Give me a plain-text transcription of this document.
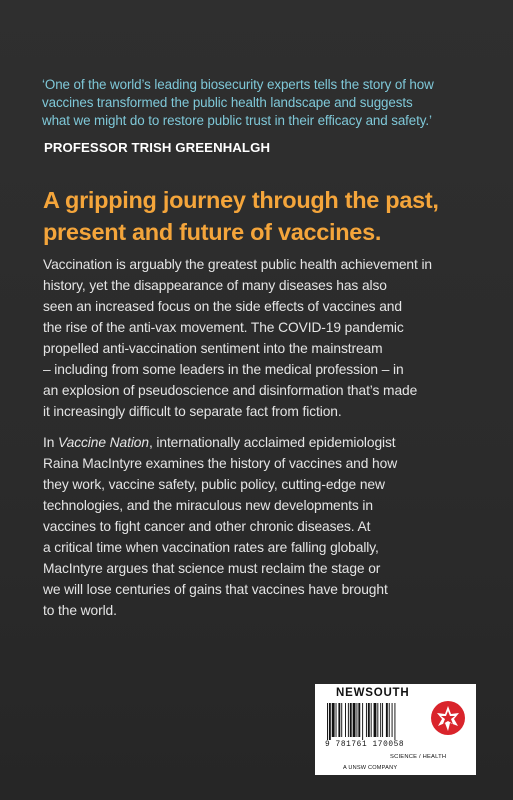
‘One of the world’s leading biosecurity experts tells the story of how
vaccines transformed the public health landscape and suggests
what we might do to restore public trust in their efficacy and safety.’
PROFESSOR TRISH GREENHALGH
A gripping journey through the past,
present and future of vaccines.
Vaccination is arguably the greatest public health achievement in
history, yet the disappearance of many diseases has also
seen an increased focus on the side effects of vaccines and
the rise of the anti-vax movement. The COVID-19 pandemic
propelled anti-vaccination sentiment into the mainstream
– including from some leaders in the medical profession – in
an explosion of pseudoscience and disinformation that’s made
it increasingly difficult to separate fact from fiction.
In Vaccine Nation, internationally acclaimed epidemiologist
Raina MacIntyre examines the history of vaccines and how
they work, vaccine safety, public policy, cutting-edge new
technologies, and the miraculous new developments in
vaccines to fight cancer and other chronic diseases. At
a critical time when vaccination rates are falling globally,
MacIntyre argues that science must reclaim the stage or
we will lose centuries of gains that vaccines have brought
to the world.
NEWSOUTH
9 781761 170058
SCIENCE / HEALTH
A UNSW COMPANY
